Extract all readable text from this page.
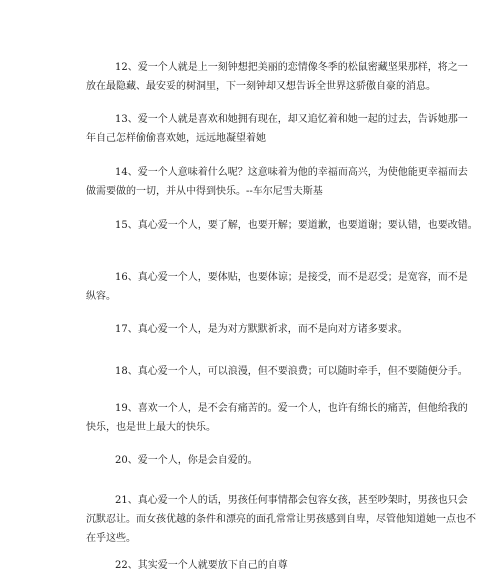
12、爱一个人就是上一刻钟想把美丽的恋情像冬季的松鼠密藏坚果那样，将之一
放在最隐藏、最安妥的树洞里，下一刻钟却又想告诉全世界这骄傲自豪的消息。
13、爱一个人就是喜欢和她拥有现在，却又追忆着和她一起的过去，告诉她那一
年自己怎样偷偷喜欢她，远远地凝望着她
14、爱一个人意味着什么呢？这意味着为他的幸福而高兴，为使他能更幸福而去
做需要做的一切，并从中得到快乐。--车尔尼雪夫斯基
15、真心爱一个人，要了解，也要开解；要道歉，也要道谢；要认错，也要改错。
16、真心爱一个人，要体贴，也要体谅；是接受，而不是忍受；是宽容，而不是
纵容。
17、真心爱一个人，是为对方默默祈求，而不是向对方诸多要求。
18、真心爱一个人，可以浪漫，但不要浪费；可以随时牵手，但不要随便分手。
19、喜欢一个人，是不会有痛苦的。爱一个人，也许有绵长的痛苦，但他给我的
快乐，也是世上最大的快乐。
20、爱一个人，你是会自爱的。
21、真心爱一个人的话，男孩任何事情都会包容女孩，甚至吵架时，男孩也只会
沉默忍让。而女孩优越的条件和漂亮的面孔常常让男孩感到自卑，尽管他知道她一点也不
在乎这些。
22、其实爱一个人就要放下自己的自尊
